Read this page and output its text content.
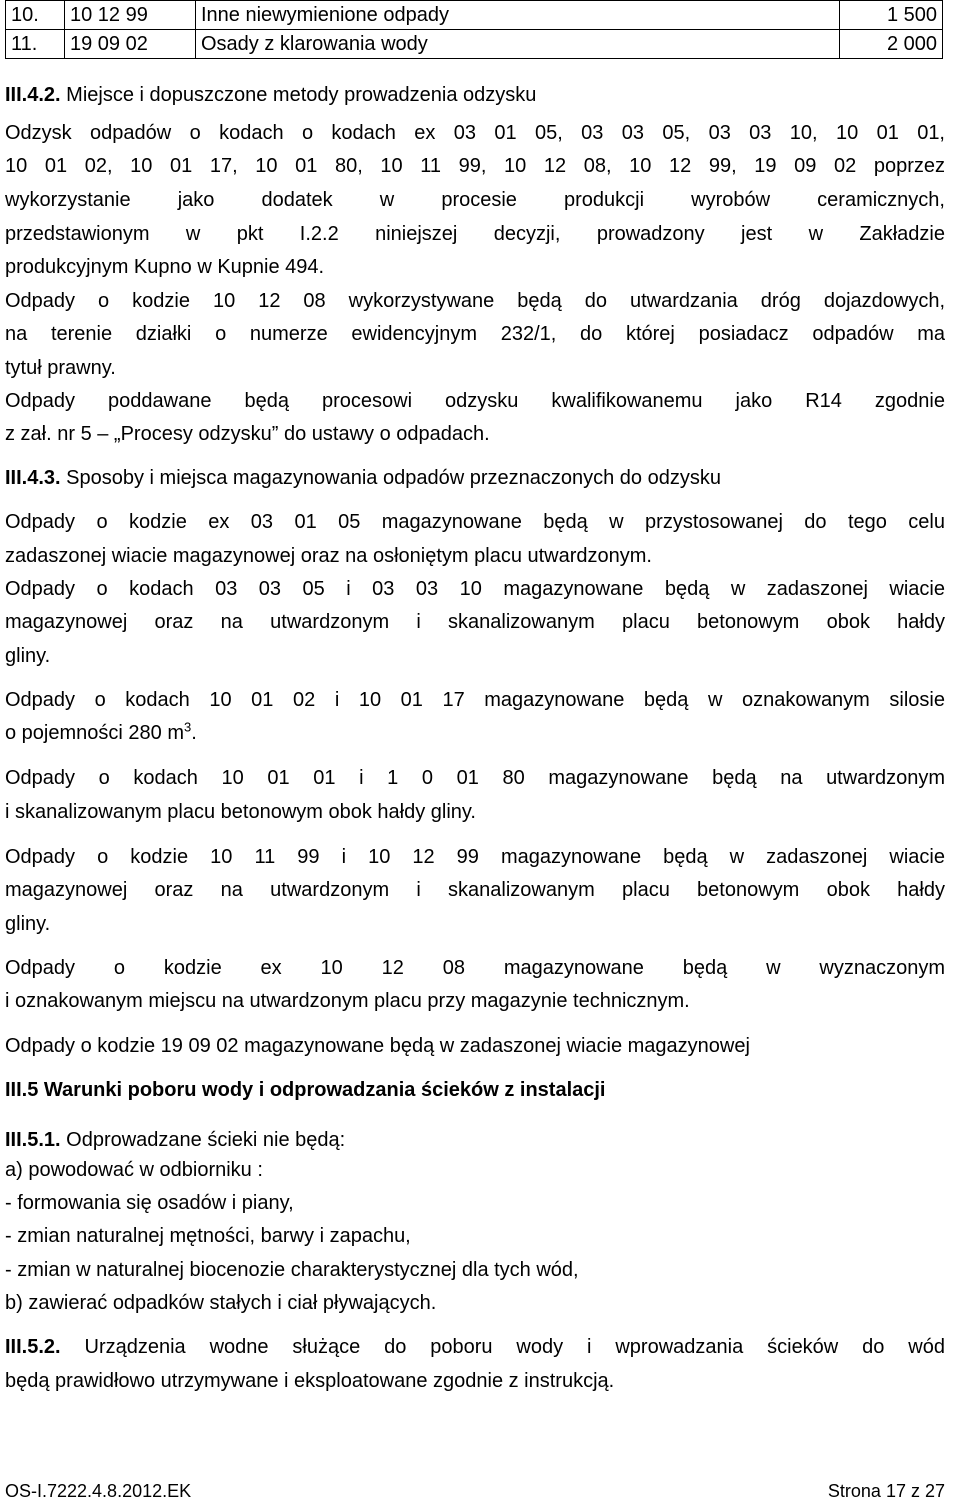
10.	10 12 99	Inne niewymienione odpady	1 500
11.	19 09 02	Osady z klarowania wody	2 000

III.4.2. Miejsce i dopuszczone metody prowadzenia odzysku

Odzysk odpadów o kodach o kodach ex 03 01 05, 03 03 05, 03 03 10, 10 01 01,

10 01 02, 10 01 17, 10 01 80, 10 11 99, 10 12 08, 10 12 99, 19 09 02 poprzez

wykorzystanie jako dodatek w procesie produkcji wyrobów ceramicznych,

przedstawionym w pkt I.2.2 niniejszej decyzji, prowadzony jest w Zakładzie

produkcyjnym Kupno w Kupnie 494.

Odpady o kodzie 10 12 08 wykorzystywane będą do utwardzania dróg dojazdowych,

na terenie działki o numerze ewidencyjnym 232/1, do której posiadacz odpadów ma

tytuł prawny.

Odpady poddawane będą procesowi odzysku kwalifikowanemu jako R14 zgodnie

z zał. nr 5 – „Procesy odzysku” do ustawy o odpadach.

III.4.3. Sposoby i miejsca magazynowania odpadów przeznaczonych do odzysku

Odpady o kodzie ex 03 01 05 magazynowane będą w przystosowanej do tego celu

zadaszonej wiacie magazynowej oraz na osłoniętym placu utwardzonym.

Odpady o kodach 03 03 05 i 03 03 10 magazynowane będą w zadaszonej wiacie

magazynowej oraz na utwardzonym i skanalizowanym placu betonowym obok hałdy

gliny.

Odpady o kodach 10 01 02 i 10 01 17 magazynowane będą w oznakowanym silosie

o pojemności 280 $m^3$.

Odpady o kodach 10 01 01 i 1 0 01 80 magazynowane będą na utwardzonym

i skanalizowanym placu betonowym obok hałdy gliny.

Odpady o kodzie 10 11 99 i 10 12 99 magazynowane będą w zadaszonej wiacie

magazynowej oraz na utwardzonym i skanalizowanym placu betonowym obok hałdy

gliny.

Odpady o kodzie ex 10 12 08 magazynowane będą w wyznaczonym

i oznakowanym miejscu na utwardzonym placu przy magazynie technicznym.

Odpady o kodzie 19 09 02 magazynowane będą w zadaszonej wiacie magazynowej

III.5 Warunki poboru wody i odprowadzania ścieków z instalacji

III.5.1. Odprowadzane ścieki nie będą:

a) powodować w odbiorniku :

- formowania się osadów i piany,

- zmian naturalnej mętności, barwy i zapachu,

- zmian w naturalnej biocenozie charakterystycznej dla tych wód,

b) zawierać odpadków stałych i ciał pływających.

III.5.2. Urządzenia wodne służące do poboru wody i wprowadzania ścieków do wód

będą prawidłowo utrzymywane i eksploatowane zgodnie z instrukcją.

OS-I.7222.4.8.2012.EK	Strona 17 z 27
